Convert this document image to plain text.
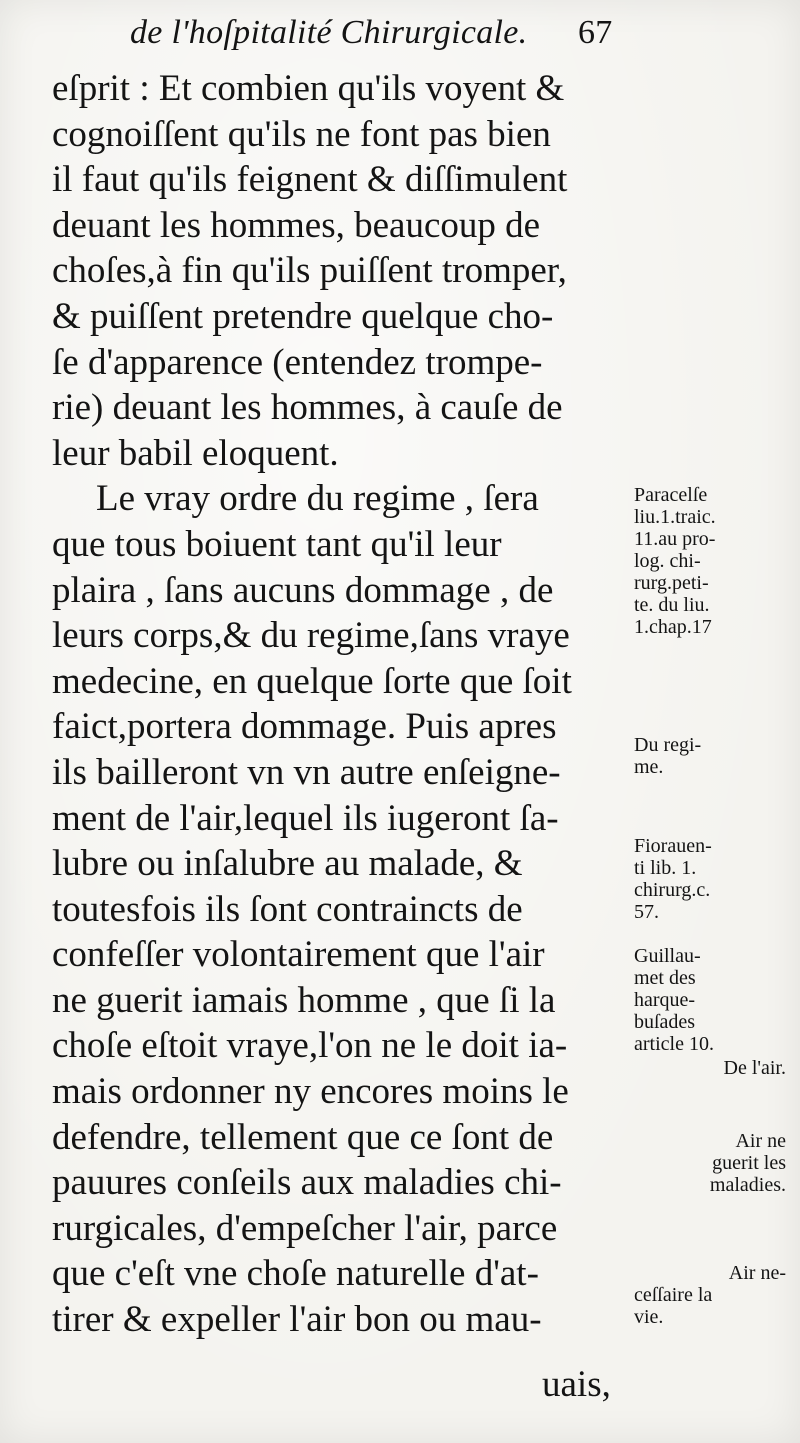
de l'hoſpitalité Chirurgicale. 67
eſprit : Et combien qu'ils voyent &
cognoiſſent qu'ils ne font pas bien
il faut qu'ils feignent & diſſimulent
deuant les hommes, beaucoup de
choſes,à fin qu'ils puiſſent tromper,
& puiſſent pretendre quelque cho-
ſe d'apparence (entendez trompe-
rie) deuant les hommes, à cauſe de
leur babil eloquent.
Le vray ordre du regime , ſera
que tous boiuent tant qu'il leur
plaira , ſans aucuns dommage , de
leurs corps,& du regime,ſans vraye
medecine, en quelque ſorte que ſoit
faict,portera dommage. Puis apres
ils bailleront vn vn autre enſeigne-
ment de l'air,lequel ils iugeront ſa-
lubre ou inſalubre au malade, &
toutesfois ils ſont contraincts de
confeſſer volontairement que l'air
ne guerit iamais homme , que ſi la
choſe eſtoit vraye,l'on ne le doit ia-
mais ordonner ny encores moins le
defendre, tellement que ce ſont de
pauures conſeils aux maladies chi-
rurgicales, d'empeſcher l'air, parce
que c'eſt vne choſe naturelle d'at-
tirer & expeller l'air bon ou mau-
uais,
Paracelſe
liu.1.traic.
11.au pro-
log. chi-
rurg.peti-
te. du liu.
1.chap.17
Du regi-
me.
Fiorauen-
ti lib. 1.
chirurg.c.
57.
Guillau-
met des
harque-
buſades
article 10.
De l'air.
Air ne
guerit les
maladies.
Air ne-
ceſſaire la
vie.
